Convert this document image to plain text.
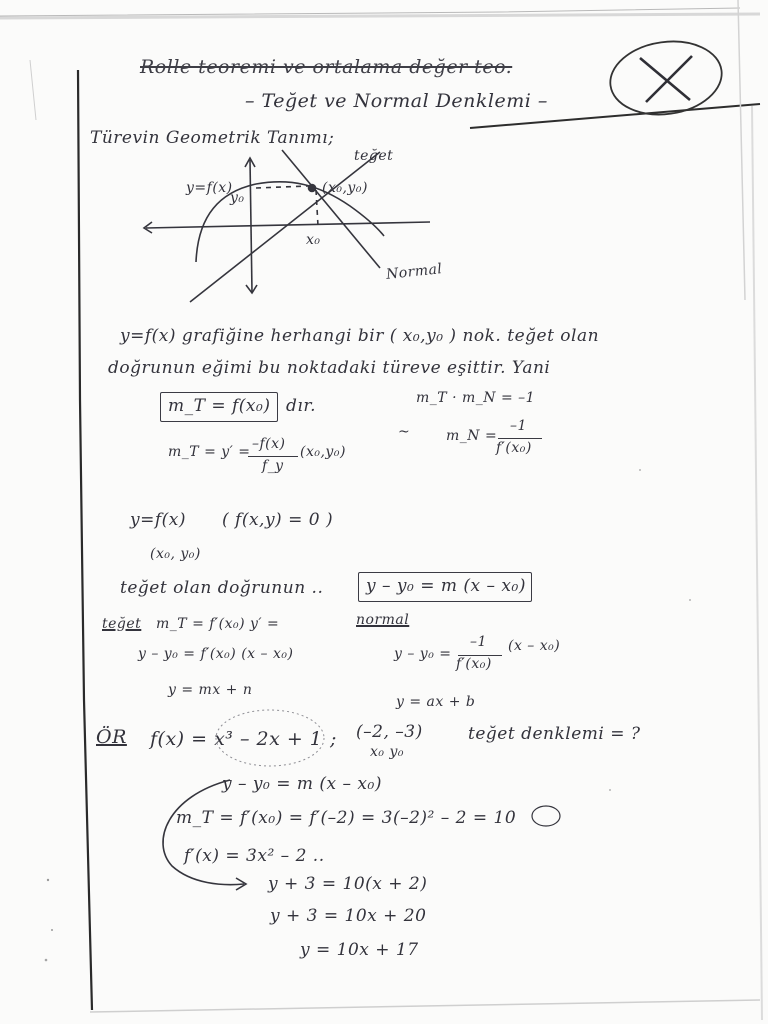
Rolle teoremi ve ortalama değer teo.
– Teğet ve Normal Denklemi –
Türevin Geometrik Tanımı;
y=f(x)
teğet
(x₀,y₀)
y₀
x₀
Normal
y=f(x) grafiğine herhangi bir ( x₀,y₀ ) nok. teğet olan
doğrunun eğimi bu noktadaki türeve eşittir. Yani
m_T = f(x₀) dır.	m_T · m_N = –1
~	m_N =
–1
f′(x₀)
m_T = y′ = –f(x)
f_y
(x₀,y₀)
y=f(x) ( f(x,y) = 0 )
(x₀, y₀)
teğet olan doğrunun ..	y – y₀ = m (x – x₀)
teğet m_T = f′(x₀) y′ =	normal
y – y₀ = f′(x₀) (x – x₀)	y – y₀ =
–1
f′(x₀)
(x – x₀)
y = mx + n
y = ax + b
ÖR f(x) = x³ – 2x + 1 ; (–2, –3)
x₀ y₀
teğet denklemi = ?
y – y₀ = m (x – x₀)
m_T = f′(x₀) = f′(–2) = 3(–2)² – 2 = 10
f′(x) = 3x² – 2 ..
y + 3 = 10(x + 2)
y + 3 = 10x + 20
y = 10x + 17
